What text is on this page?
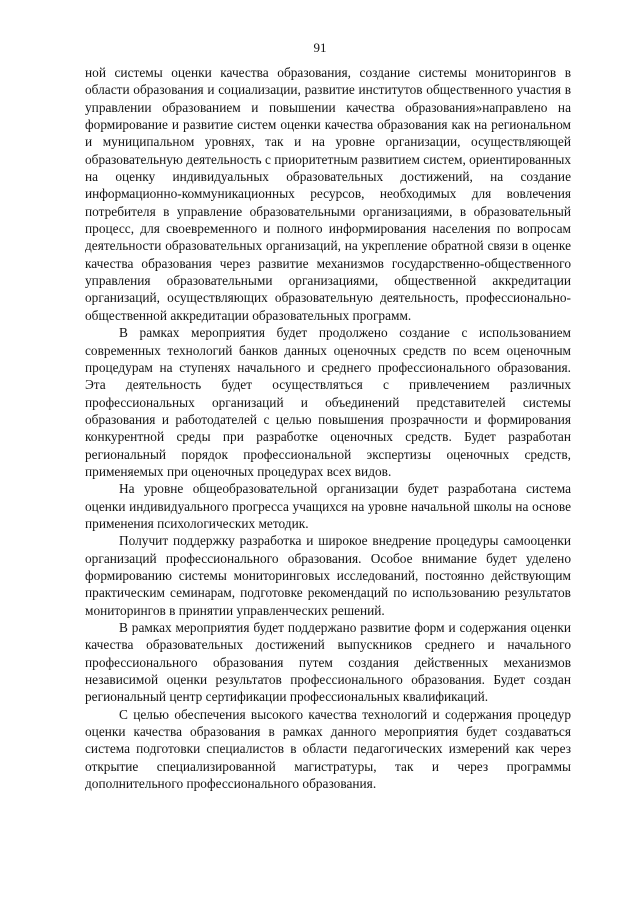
91

ной системы оценки качества образования, создание системы мониторингов в области образования и социализации, развитие институтов общественного участия в управлении образованием и повышении качества образования»направлено на формирование и развитие систем оценки качества образования как на региональном и муниципальном уровнях, так и на уровне организации, осуществляющей образовательную деятельность с приоритетным развитием систем, ориентированных на оценку индивидуальных образовательных достижений, на создание информационно-коммуникационных ресурсов, необходимых для вовлечения потребителя в управление образовательными организациями, в образовательный процесс, для своевременного и полного информирования населения по вопросам деятельности образовательных организаций, на укрепление обратной связи в оценке качества образования через развитие механизмов государственно-общественного управления образовательными организациями, общественной аккредитации организаций, осуществляющих образовательную деятельность, профессионально-общественной аккредитации образовательных программ.

В рамках мероприятия будет продолжено создание с использованием современных технологий банков данных оценочных средств по всем оценочным процедурам на ступенях начального и среднего профессионального образования. Эта деятельность будет осуществляться с привлечением различных профессиональных организаций и объединений представителей системы образования и работодателей с целью повышения прозрачности и формирования конкурентной среды при разработке оценочных средств. Будет разработан региональный порядок профессиональной экспертизы оценочных средств, применяемых при оценочных процедурах всех видов.

На уровне общеобразовательной организации будет разработана система оценки индивидуального прогресса учащихся на уровне начальной школы на основе применения психологических методик.

Получит поддержку разработка и широкое внедрение процедуры самооценки организаций профессионального образования. Особое внимание будет уделено формированию системы мониторинговых исследований, постоянно действующим практическим семинарам, подготовке рекомендаций по использованию результатов мониторингов в принятии управленческих решений.

В рамках мероприятия будет поддержано развитие форм и содержания оценки качества образовательных достижений выпускников среднего и начального профессионального образования путем создания действенных механизмов независимой оценки результатов профессионального образования. Будет создан региональный центр сертификации профессиональных квалификаций.

С целью обеспечения высокого качества технологий и содержания процедур оценки качества образования в рамках данного мероприятия будет создаваться система подготовки специалистов в области педагогических измерений как через открытие специализированной магистратуры, так и через программы дополнительного профессионального образования.
